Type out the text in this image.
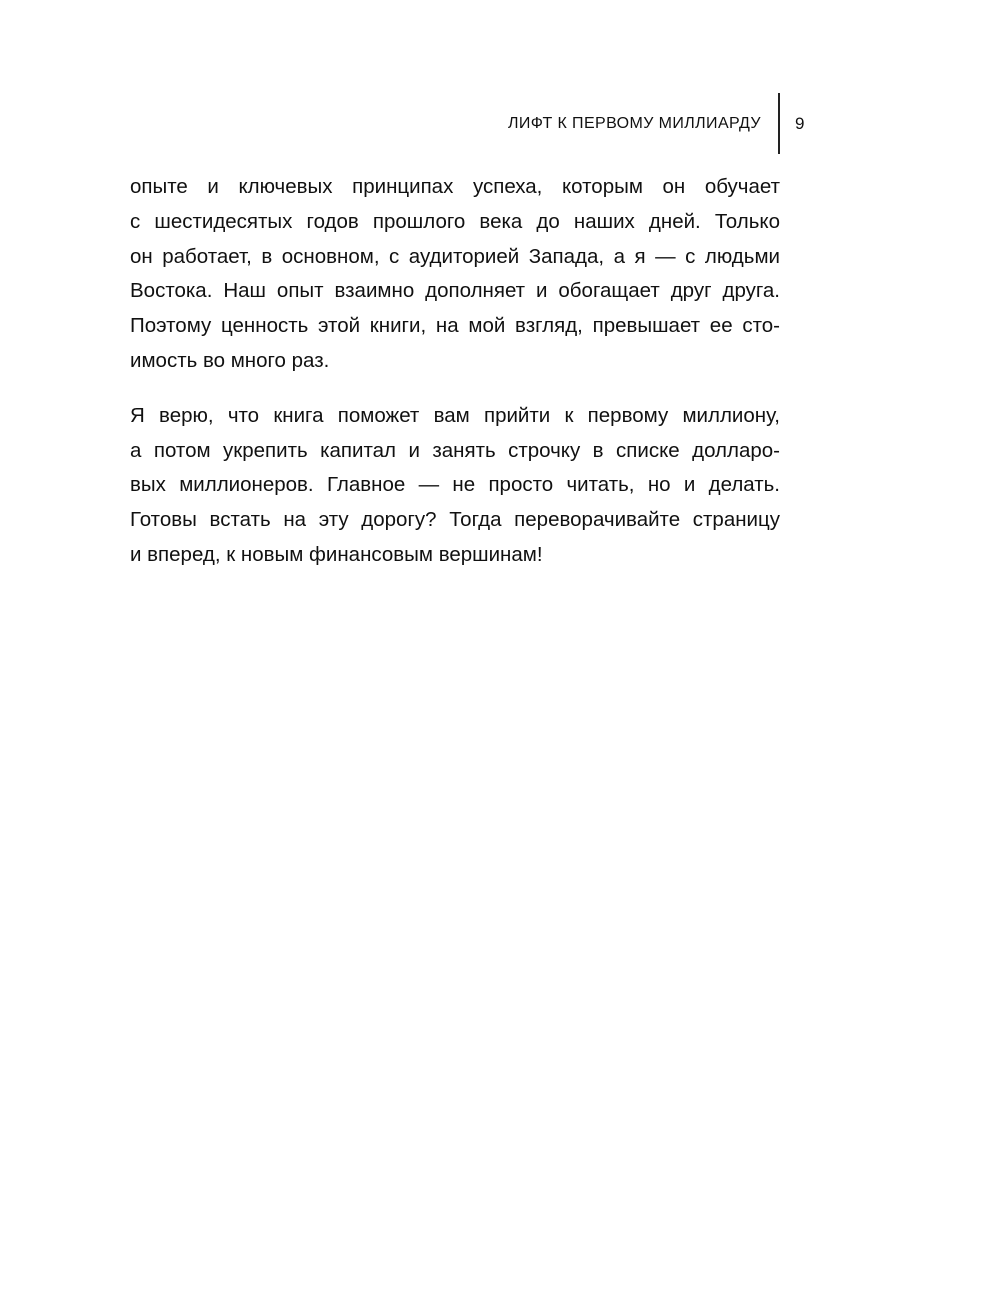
ЛИФТ К ПЕРВОМУ МИЛЛИАРДУ 9

опыте и ключевых принципах успеха, которым он обучает
с шестидесятых годов прошлого века до наших дней. Только
он работает, в основном, с аудиторией Запада, а я — с людьми
Востока. Наш опыт взаимно дополняет и обогащает друг друга.
Поэтому ценность этой книги, на мой взгляд, превышает ее сто-
имость во много раз.

Я верю, что книга поможет вам прийти к первому миллиону,
а потом укрепить капитал и занять строчку в списке долларо-
вых миллионеров. Главное — не просто читать, но и делать.
Готовы встать на эту дорогу? Тогда переворачивайте страницу
и вперед, к новым финансовым вершинам!
